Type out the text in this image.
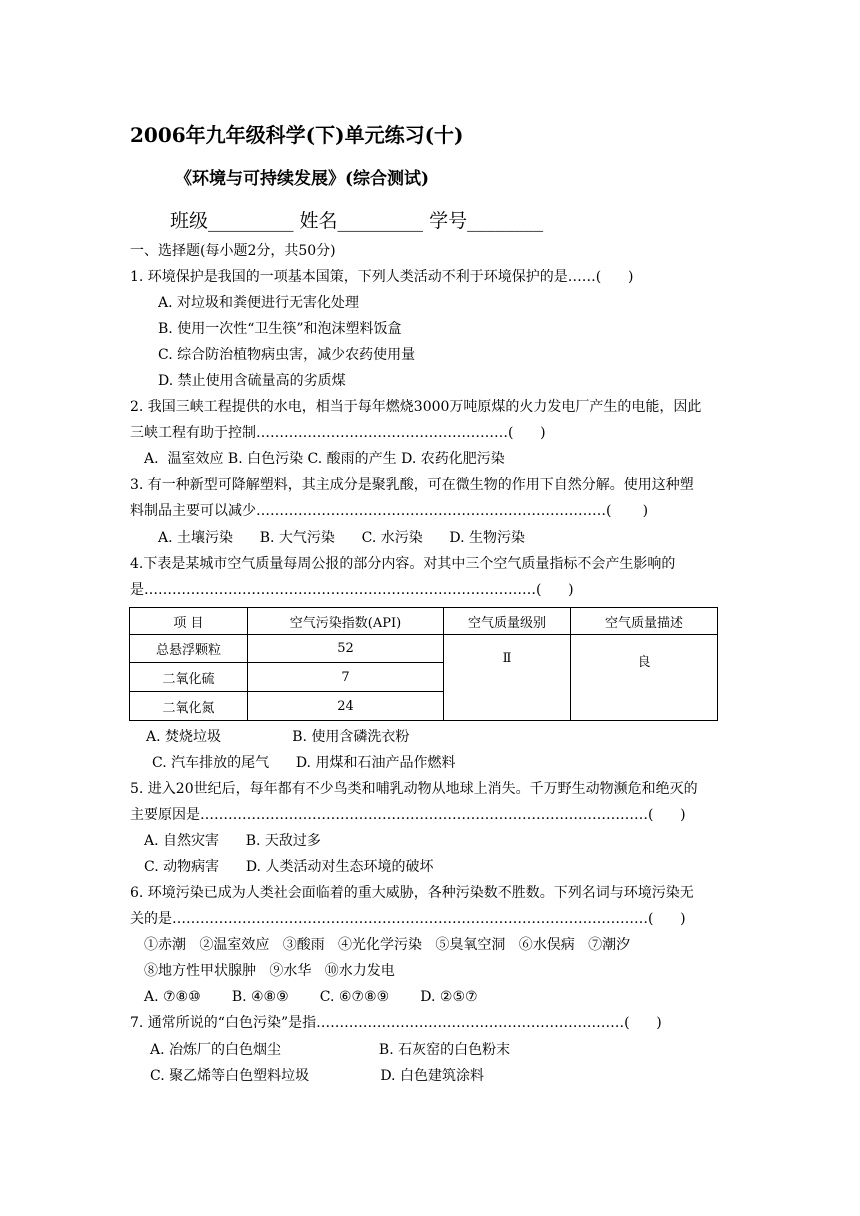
2006年九年级科学(下)单元练习(十)
《环境与可持续发展》(综合测试)
班级_________ 姓名_________ 学号________
一、选择题(每小题2分，共50分)
1. 环境保护是我国的一项基本国策，下列人类活动不利于环境保护的是……(      )
A. 对垃圾和粪便进行无害化处理
B. 使用一次性“卫生筷”和泡沫塑料饭盒
C. 综合防治植物病虫害，减少农药使用量
D. 禁止使用含硫量高的劣质煤
2. 我国三峡工程提供的水电，相当于每年燃烧3000万吨原煤的火力发电厂产生的电能，因此
三峡工程有助于控制………………………………………………(      )
A.  温室效应 B. 白色污染 C. 酸雨的产生 D. 农药化肥污染
3. 有一种新型可降解塑料，其主成分是聚乳酸，可在微生物的作用下自然分解。使用这种塑
料制品主要可以减少…………………………………………………………………(       )
A. 土壤污染      B. 大气污染      C. 水污染      D. 生物污染
4.下表是某城市空气质量每周公报的部分内容。对其中三个空气质量指标不会产生影响的
是…………………………………………………………………………(      )
项 目	空气污染指数(API)	空气质量级别	空气质量描述
总悬浮颗粒	52	Ⅱ	良
二氧化硫	7		
二氧化氮	24		
A. 焚烧垃圾                B. 使用含磷洗衣粉
C. 汽车排放的尾气      D. 用煤和石油产品作燃料
5. 进入20世纪后，每年都有不少鸟类和哺乳动物从地球上消失。千万野生动物濒危和绝灭的
主要原因是……………………………………………………………………………………(      )
A. 自然灾害      B. 天敌过多
C. 动物病害      D. 人类活动对生态环境的破坏
6. 环境污染已成为人类社会面临着的重大威胁，各种污染数不胜数。下列名词与环境污染无
关的是…………………………………………………………………………………………(      )
①赤潮   ②温室效应   ③酸雨   ④光化学污染   ⑤臭氧空洞   ⑥水俣病   ⑦潮汐
⑧地方性甲状腺肿   ⑨水华   ⑩水力发电
A. ⑦⑧⑩       B. ④⑧⑨       C. ⑥⑦⑧⑨       D. ②⑤⑦
7. 通常所说的“白色污染”是指…………………………………………………………(      )
A. 冶炼厂的白色烟尘                      B. 石灰窑的白色粉末
C. 聚乙烯等白色塑料垃圾                D. 白色建筑涂料
